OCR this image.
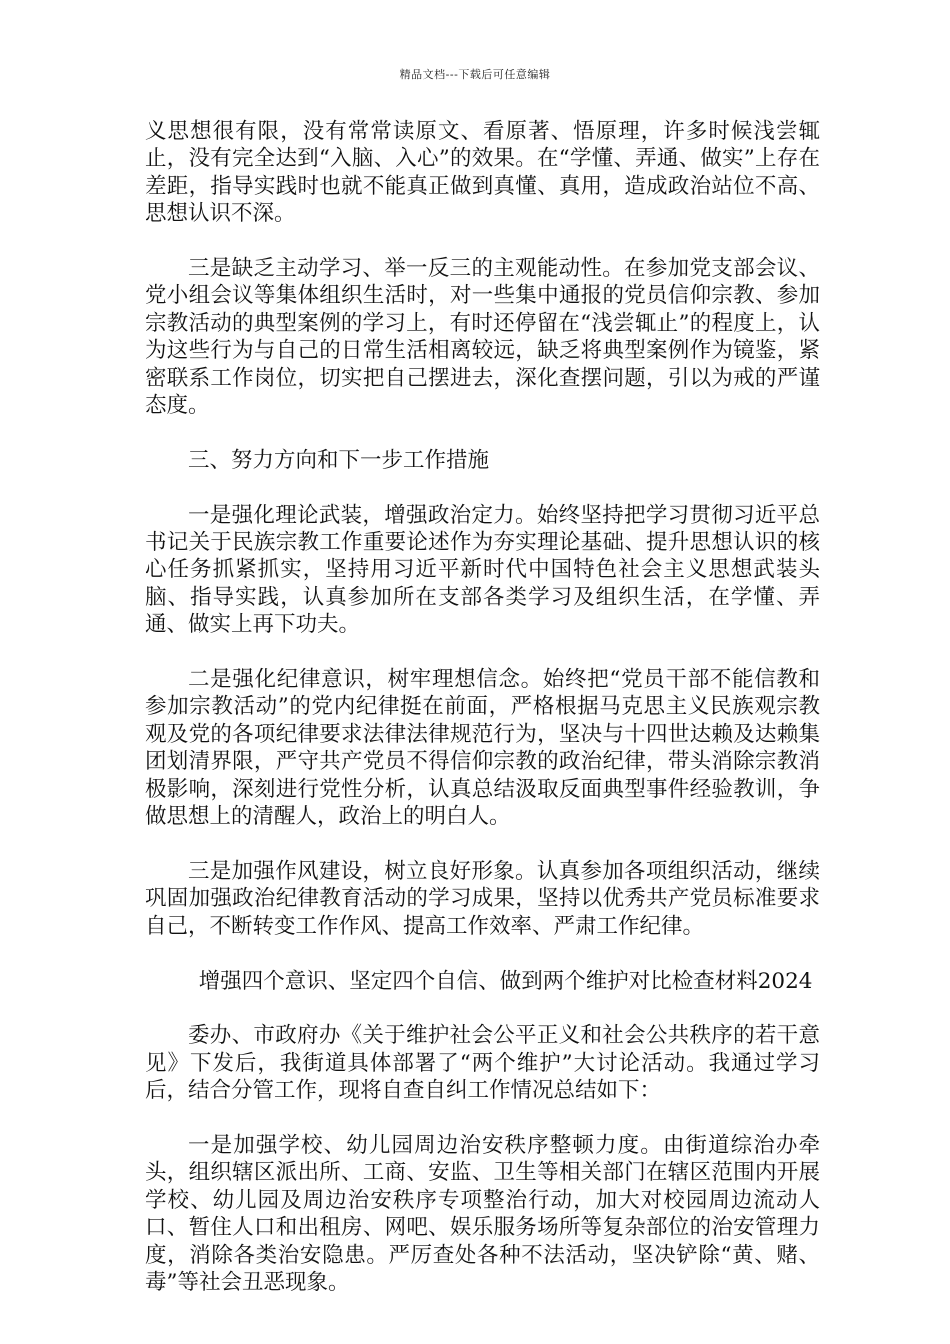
精品文档---下载后可任意编辑

义思想很有限，没有常常读原文、看原著、悟原理，许多时候浅尝辄止，没有完全达到“入脑、入心”的效果。在“学懂、弄通、做实”上存在差距，指导实践时也就不能真正做到真懂、真用，造成政治站位不高、思想认识不深。

三是缺乏主动学习、举一反三的主观能动性。在参加党支部会议、党小组会议等集体组织生活时，对一些集中通报的党员信仰宗教、参加宗教活动的典型案例的学习上，有时还停留在“浅尝辄止”的程度上，认为这些行为与自己的日常生活相离较远，缺乏将典型案例作为镜鉴，紧密联系工作岗位，切实把自己摆进去，深化查摆问题，引以为戒的严谨态度。

三、努力方向和下一步工作措施

一是强化理论武装，增强政治定力。始终坚持把学习贯彻习近平总书记关于民族宗教工作重要论述作为夯实理论基础、提升思想认识的核心任务抓紧抓实，坚持用习近平新时代中国特色社会主义思想武装头脑、指导实践，认真参加所在支部各类学习及组织生活，在学懂、弄通、做实上再下功夫。

二是强化纪律意识，树牢理想信念。始终把“党员干部不能信教和参加宗教活动”的党内纪律挺在前面，严格根据马克思主义民族观宗教观及党的各项纪律要求法律法律规范行为，坚决与十四世达赖及达赖集团划清界限，严守共产党员不得信仰宗教的政治纪律，带头消除宗教消极影响，深刻进行党性分析，认真总结汲取反面典型事件经验教训，争做思想上的清醒人，政治上的明白人。

三是加强作风建设，树立良好形象。认真参加各项组织活动，继续巩固加强政治纪律教育活动的学习成果，坚持以优秀共产党员标准要求自己，不断转变工作作风、提高工作效率、严肃工作纪律。

增强四个意识、坚定四个自信、做到两个维护对比检查材料2024

委办、市政府办《关于维护社会公平正义和社会公共秩序的若干意见》下发后，我街道具体部署了“两个维护”大讨论活动。我通过学习后，结合分管工作，现将自查自纠工作情况总结如下：

一是加强学校、幼儿园周边治安秩序整顿力度。由街道综治办牵头，组织辖区派出所、工商、安监、卫生等相关部门在辖区范围内开展学校、幼儿园及周边治安秩序专项整治行动，加大对校园周边流动人口、暂住人口和出租房、网吧、娱乐服务场所等复杂部位的治安管理力度，消除各类治安隐患。严厉查处各种不法活动，坚决铲除“黄、赌、毒”等社会丑恶现象。
